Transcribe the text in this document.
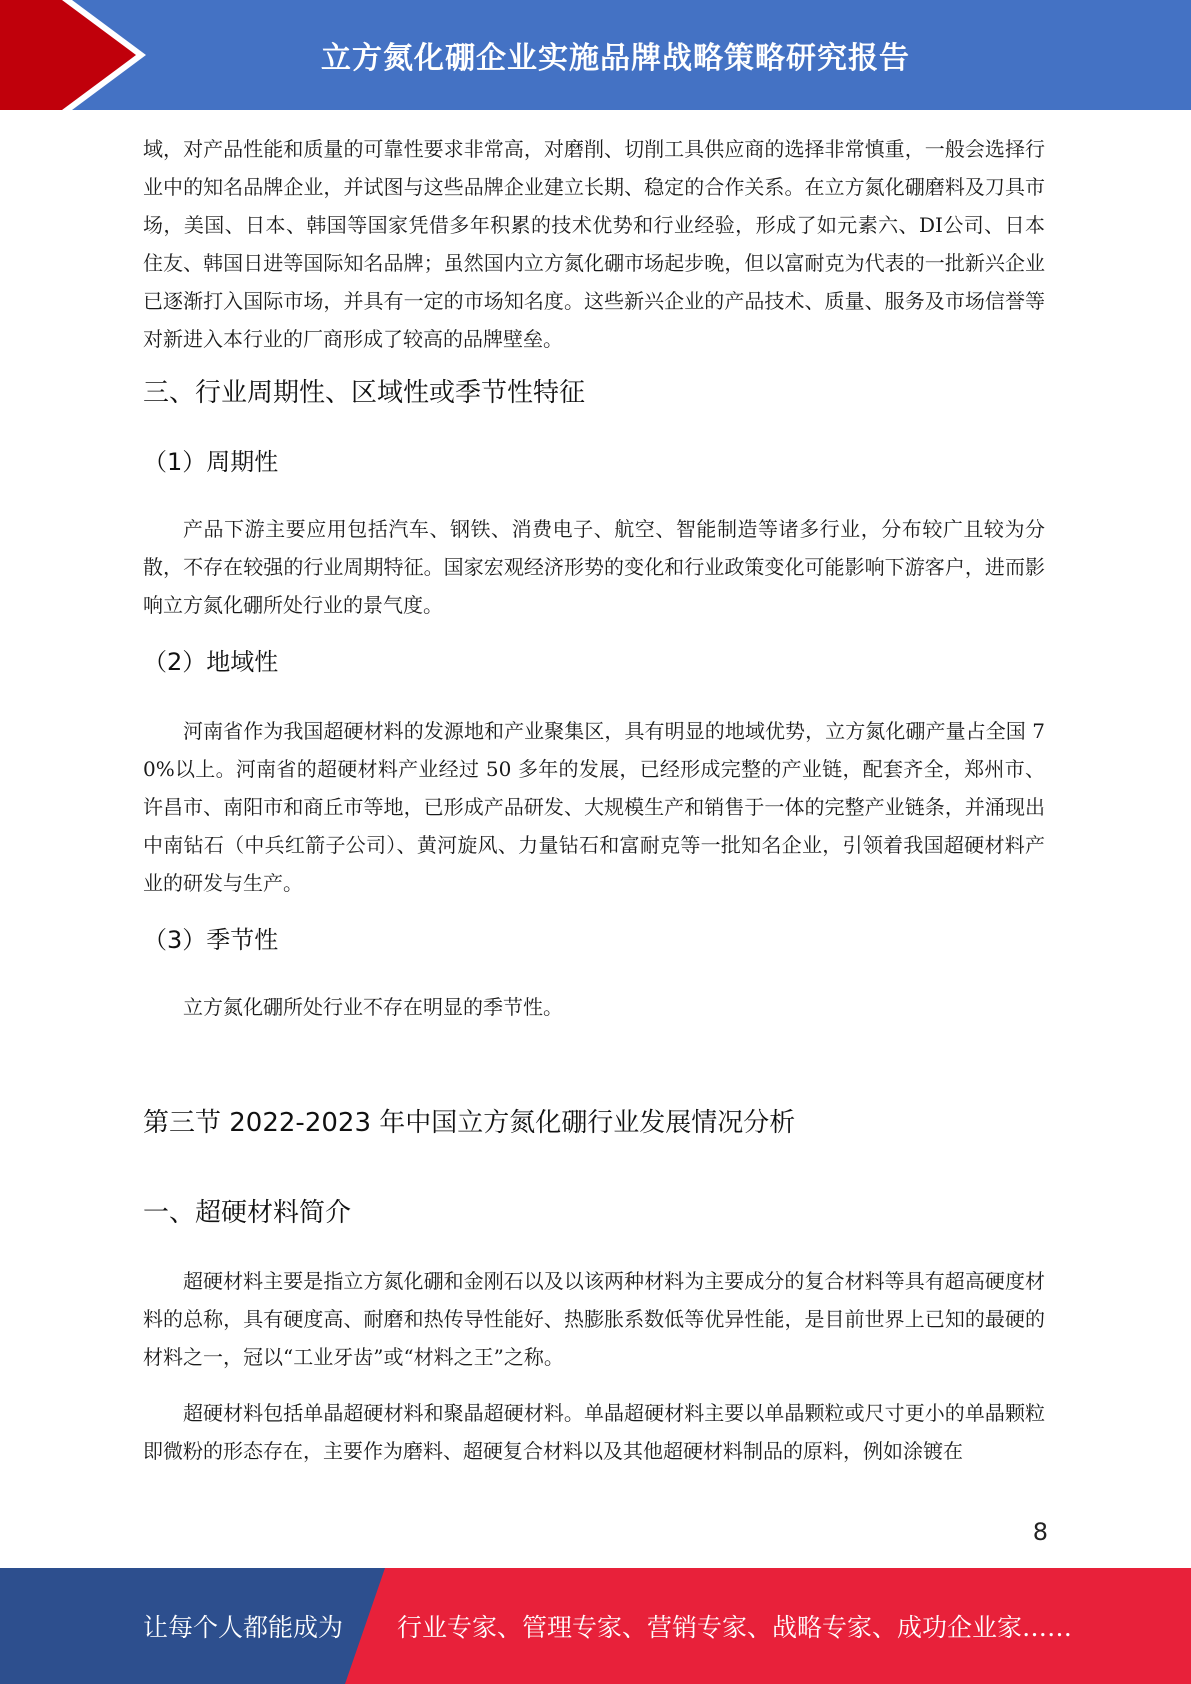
立方氮化硼企业实施品牌战略策略研究报告

域，对产品性能和质量的可靠性要求非常高，对磨削、切削工具供应商的选择非常慎重，一般会选择行业中的知名品牌企业，并试图与这些品牌企业建立长期、稳定的合作关系。在立方氮化硼磨料及刀具市场，美国、日本、韩国等国家凭借多年积累的技术优势和行业经验，形成了如元素六、DI公司、日本住友、韩国日进等国际知名品牌；虽然国内立方氮化硼市场起步晚，但以富耐克为代表的一批新兴企业已逐渐打入国际市场，并具有一定的市场知名度。这些新兴企业的产品技术、质量、服务及市场信誉等对新进入本行业的厂商形成了较高的品牌壁垒。

三、行业周期性、区域性或季节性特征
（1）周期性

产品下游主要应用包括汽车、钢铁、消费电子、航空、智能制造等诸多行业，分布较广且较为分散，不存在较强的行业周期特征。国家宏观经济形势的变化和行业政策变化可能影响下游客户，进而影响立方氮化硼所处行业的景气度。

（2）地域性

河南省作为我国超硬材料的发源地和产业聚集区，具有明显的地域优势，立方氮化硼产量占全国 70%以上。河南省的超硬材料产业经过 50 多年的发展，已经形成完整的产业链，配套齐全，郑州市、许昌市、南阳市和商丘市等地，已形成产品研发、大规模生产和销售于一体的完整产业链条，并涌现出中南钻石（中兵红箭子公司）、黄河旋风、力量钻石和富耐克等一批知名企业，引领着我国超硬材料产业的研发与生产。

（3）季节性

立方氮化硼所处行业不存在明显的季节性。

第三节 2022-2023 年中国立方氮化硼行业发展情况分析
一、超硬材料简介

超硬材料主要是指立方氮化硼和金刚石以及以该两种材料为主要成分的复合材料等具有超高硬度材料的总称，具有硬度高、耐磨和热传导性能好、热膨胀系数低等优异性能，是目前世界上已知的最硬的材料之一，冠以“工业牙齿”或“材料之王”之称。

超硬材料包括单晶超硬材料和聚晶超硬材料。单晶超硬材料主要以单晶颗粒或尺寸更小的单晶颗粒即微粉的形态存在，主要作为磨料、超硬复合材料以及其他超硬材料制品的原料，例如涂镀在

8
让每个人都能成为 行业专家、管理专家、营销专家、战略专家、成功企业家……
